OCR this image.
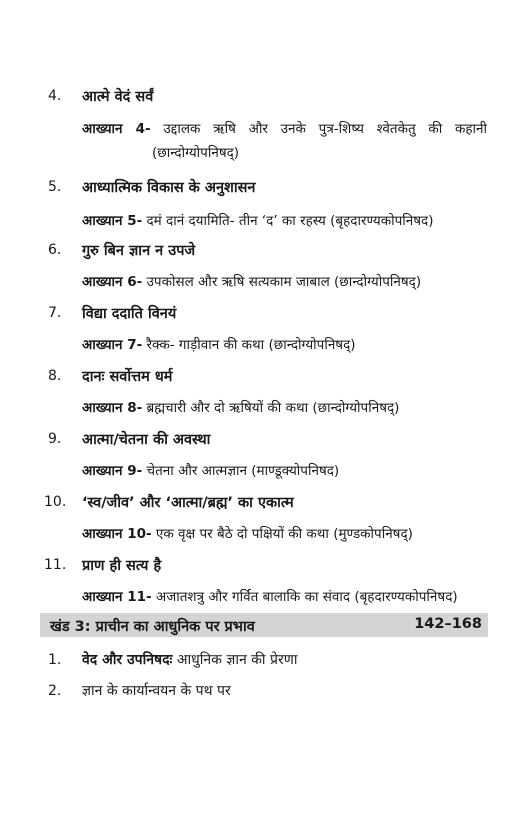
4. आत्मे वेदं सर्वं
आख्यान 4- उद्दालक ऋषि और उनके पुत्र-शिष्य श्वेतकेतु की कहानी
(छान्दोग्योपनिषद्)
5. आध्यात्मिक विकास के अनुशासन
आख्यान 5- दमं दानं दयामिति- तीन ‘द’ का रहस्य (बृहदारण्यकोपनिषद)
6. गुरु बिन ज्ञान न उपजे
आख्यान 6- उपकोसल और ऋषि सत्यकाम जाबाल (छान्दोग्योपनिषद्)
7. विद्या ददाति विनयं
आख्यान 7- रैक्क- गाड़ीवान की कथा (छान्दोग्योपनिषद्)
8. दानः सर्वोत्तम धर्म
आख्यान 8- ब्रह्मचारी और दो ऋषियों की कथा (छान्दोग्योपनिषद्)
9. आत्मा/चेतना की अवस्था
आख्यान 9- चेतना और आत्मज्ञान (माण्डूक्योपनिषद)
10. ‘स्व/जीव’ और ‘आत्मा/ब्रह्म’ का एकात्म
आख्यान 10- एक वृक्ष पर बैठे दो पक्षियों की कथा (मुण्डकोपनिषद्)
11. प्राण ही सत्य है
आख्यान 11- अजातशत्रु और गर्वित बालाकि का संवाद (बृहदारण्यकोपनिषद)
खंड 3: प्राचीन का आधुनिक पर प्रभाव	142–168
1. वेद और उपनिषदः आधुनिक ज्ञान की प्रेरणा
2. ज्ञान के कार्यान्वयन के पथ पर
